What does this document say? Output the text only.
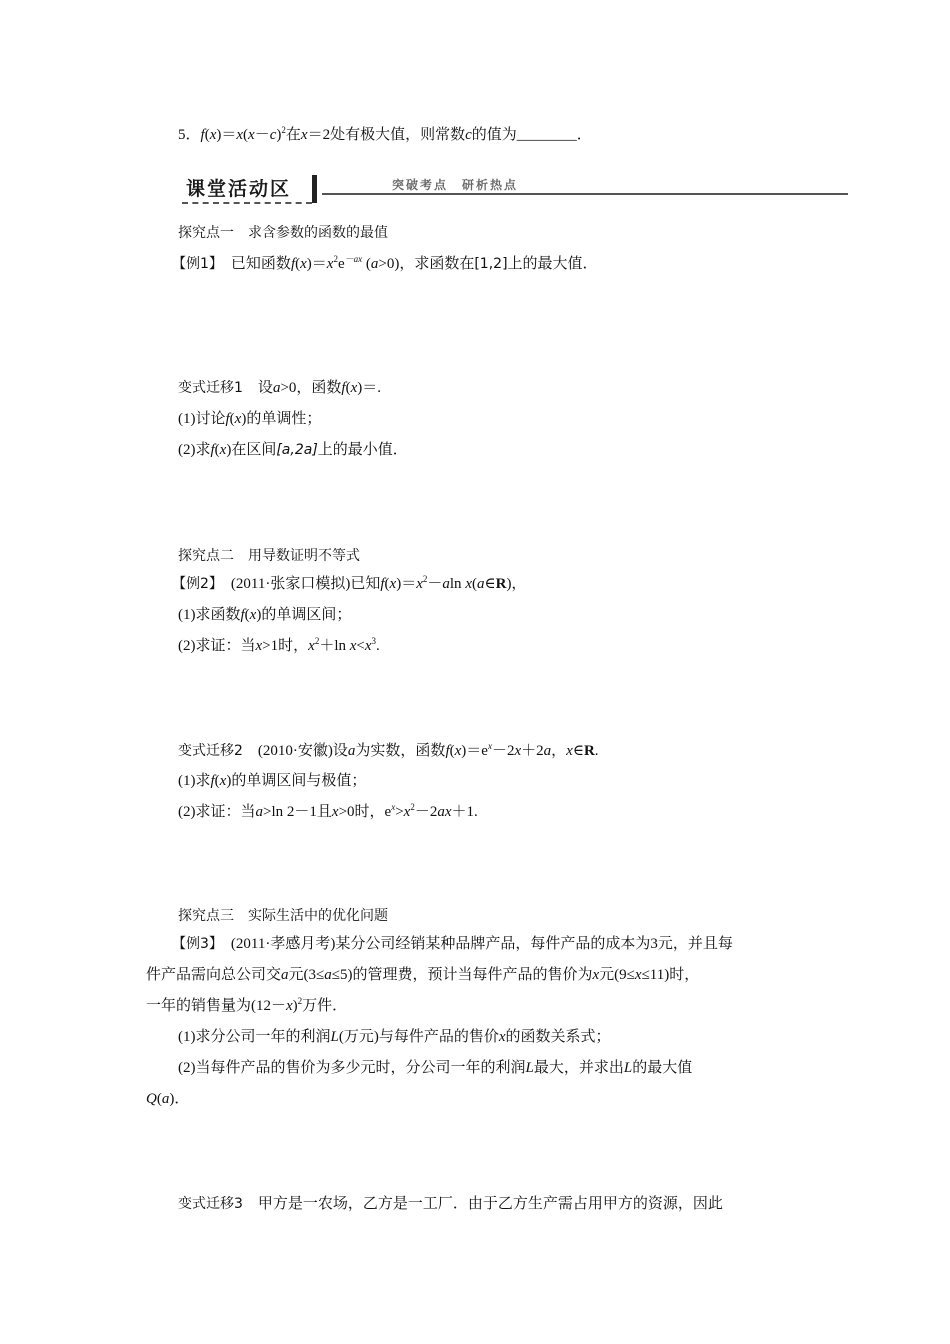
5．$f(x)=x(x-c)^2$在x＝2处有极大值，则常数c的值为________．
课堂活动区	突破考点　研析热点
探究点一　求含参数的函数的最值
【例1】　已知函数$f(x)=x^2e^{-ax}$ (a>0)，求函数在[1,2]上的最大值．
变式迁移1　设a>0，函数f(x)＝.
(1)讨论f(x)的单调性；
(2)求f(x)在区间[a,2a]上的最小值．
探究点二　用导数证明不等式
【例2】　(2011·张家口模拟)已知$f(x)=x^2-aln$ x(a∈R)，
(1)求函数f(x)的单调区间；
(2)求证：当x>1时，$x^2+\ln$ $x<x^3$.
变式迁移2　(2010·安徽)设a为实数，函数$f(x)=e^x-2x+2a$，x∈R.
(1)求f(x)的单调区间与极值；
(2)求证：当a>ln 2－1且x>0时，$e^x>x^2-2ax+1$.
探究点三　实际生活中的优化问题
【例3】　(2011·孝感月考)某分公司经销某种品牌产品，每件产品的成本为3元，并且每
件产品需向总公司交a元(3≤a≤5)的管理费，预计当每件产品的售价为x元(9≤x≤11)时，
一年的销售量为$(12-x)^2$万件．
(1)求分公司一年的利润L(万元)与每件产品的售价x的函数关系式；
(2)当每件产品的售价为多少元时，分公司一年的利润L最大，并求出L的最大值
Q(a)．
变式迁移3　甲方是一农场，乙方是一工厂．由于乙方生产需占用甲方的资源，因此
